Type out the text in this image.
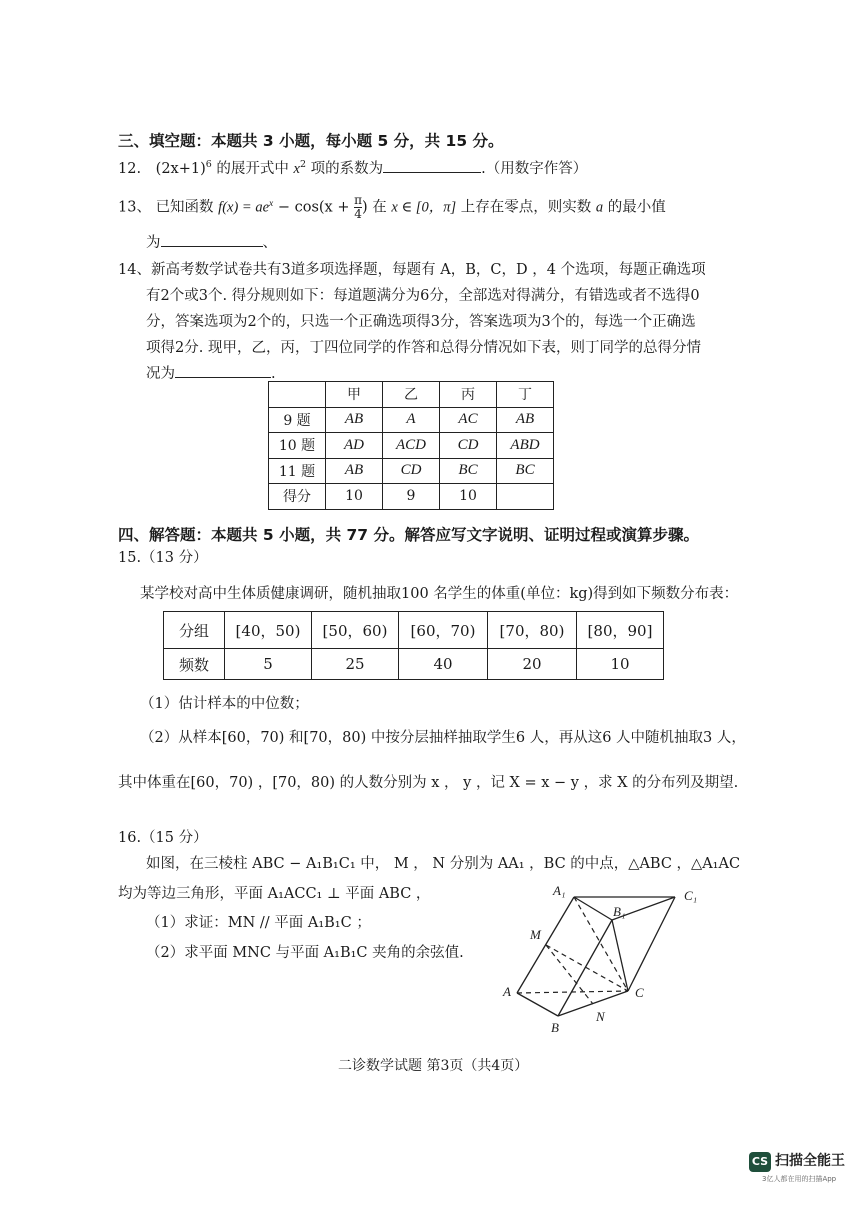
三、填空题：本题共 3 小题，每小题 5 分，共 15 分。
12. $(2x+1)^6$ 的展开式中 $x^2$ 项的系数为	.（用数字作答）
13、 已知函数 $f(x) = ae^x - \cos(x + \frac{\pi}{4}$ ) 在 x ∈ [0，π] 上存在零点，则实数 a 的最小值
为	、
14、新高考数学试卷共有3道多项选择题，每题有 A，B，C，D ，4 个选项，每题正确选项
有2个或3个. 得分规则如下：每道题满分为6分，全部选对得满分，有错选或者不选得0
分，答案选项为2个的，只选一个正确选项得3分，答案选项为3个的，每选一个正确选
项得2分. 现甲，乙，丙，丁四位同学的作答和总得分情况如下表，则丁同学的总得分情
况为	.
	甲	乙	丙	丁
9 题	AB	A	AC	AB
10 题	AD	ACD	CD	ABD
11 题	AB	CD	BC	BC
得分	10	9	10	
四、解答题：本题共 5 小题，共 77 分。解答应写文字说明、证明过程或演算步骤。
15.（13 分）
某学校对高中生体质健康调研，随机抽取100 名学生的体重(单位：kg)得到如下频数分布表：
分组	[40，50)	[50，60)	[60，70)	[70，80)	[80，90]
频数	5	25	40	20	10
（1）估计样本的中位数；
（2）从样本[60，70) 和[70，80) 中按分层抽样抽取学生6 人，再从这6 人中随机抽取3 人，
其中体重在[60，70) ，[70，80) 的人数分别为 x ， y ，记 X = x − y ，求 X 的分布列及期望.
16.（15 分）
如图，在三棱柱 ABC − A₁B₁C₁ 中， M ， N 分别为 AA₁ ，BC 的中点，△ABC ，△A₁AC
均为等边三角形，平面 A₁ACC₁ ⊥ 平面 ABC ，
（1）求证：MN // 平面 A₁B₁C ；
（2）求平面 MNC 与平面 A₁B₁C 夹角的余弦值.
A₁	C₁
B₁
M
A	C
B
N
二诊数学试题 第3页（共4页）
CS 扫描全能王
3亿人都在用的扫描App
